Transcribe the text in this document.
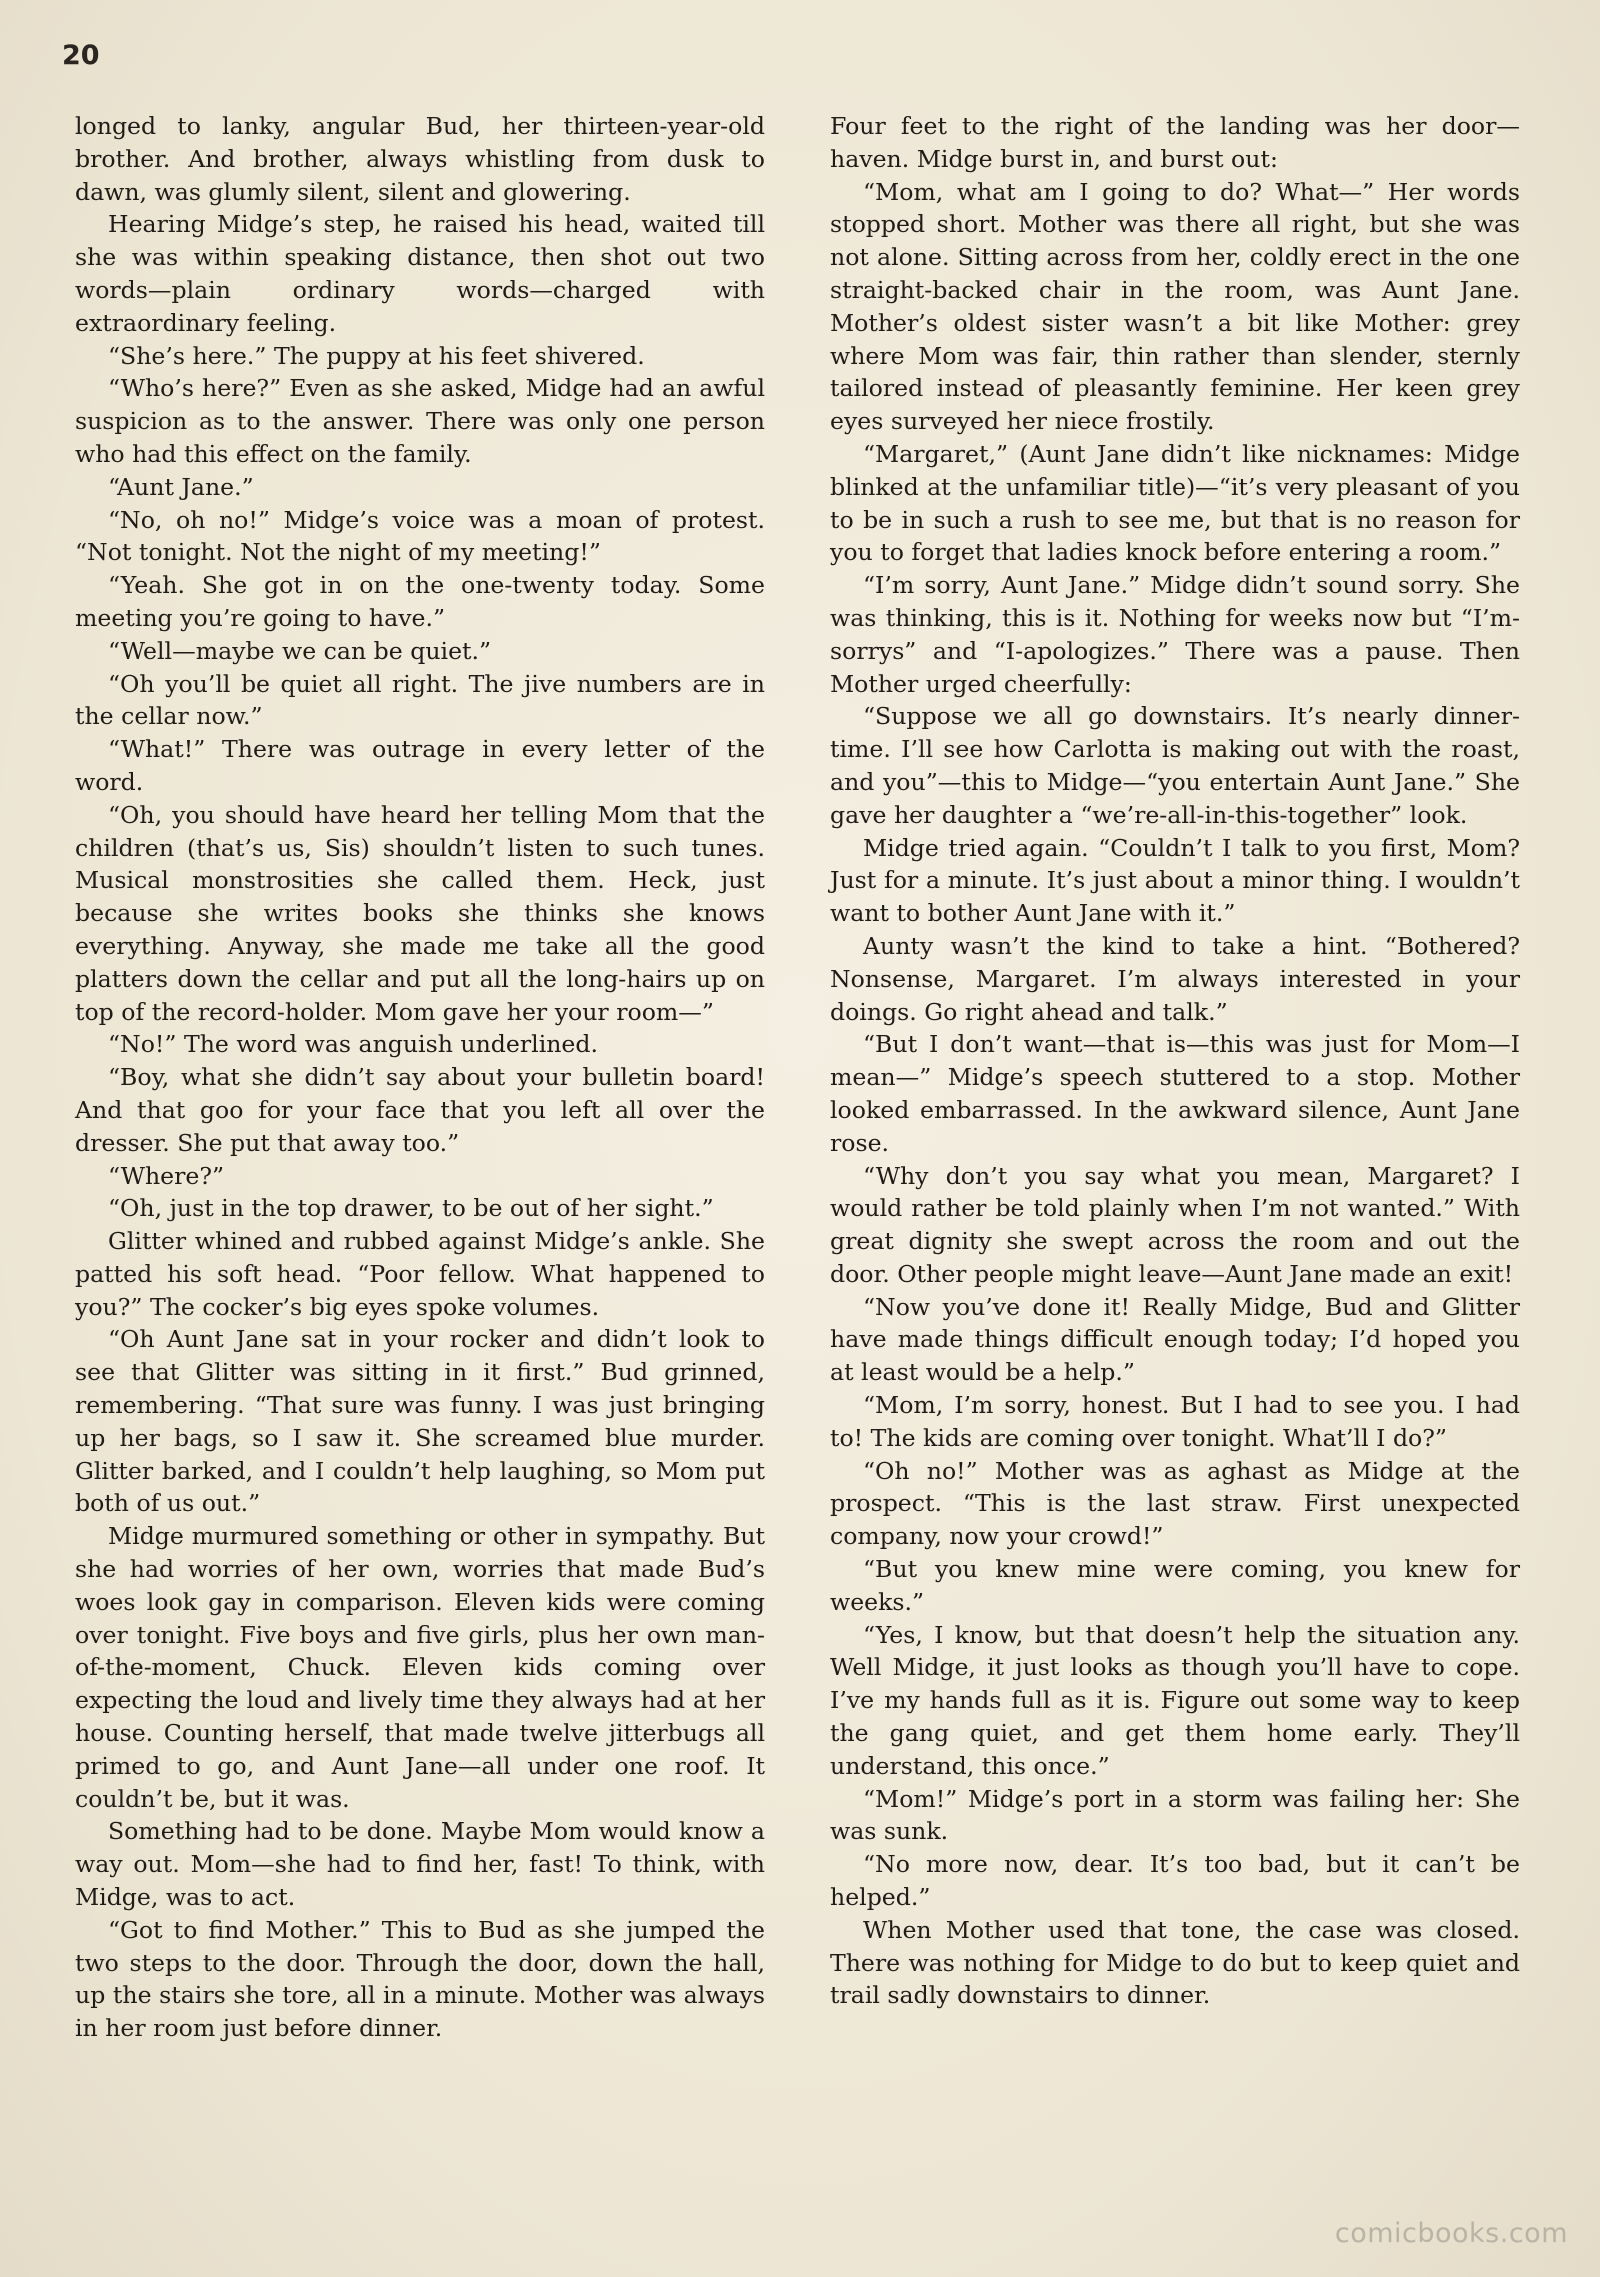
20

longed to lanky, angular Bud, her thirteen-year-old brother. And brother, always whistling from dusk to dawn, was glumly silent, silent and glowering.

Hearing Midge’s step, he raised his head, waited till she was within speaking distance, then shot out two words—plain ordinary words—charged with extraordinary feeling.

“She’s here.” The puppy at his feet shivered.

“Who’s here?” Even as she asked, Midge had an awful suspicion as to the answer. There was only one person who had this effect on the family.

“Aunt Jane.”

“No, oh no!” Midge’s voice was a moan of protest. “Not tonight. Not the night of my meeting!”

“Yeah. She got in on the one-twenty today. Some meeting you’re going to have.”

“Well—maybe we can be quiet.”

“Oh you’ll be quiet all right. The jive numbers are in the cellar now.”

“What!” There was outrage in every letter of the word.

“Oh, you should have heard her telling Mom that the children (that’s us, Sis) shouldn’t listen to such tunes. Musical monstrosities she called them. Heck, just because she writes books she thinks she knows everything. Anyway, she made me take all the good platters down the cellar and put all the long-hairs up on top of the record-holder. Mom gave her your room—”

“No!” The word was anguish underlined.

“Boy, what she didn’t say about your bulletin board! And that goo for your face that you left all over the dresser. She put that away too.”

“Where?”

“Oh, just in the top drawer, to be out of her sight.”

Glitter whined and rubbed against Midge’s ankle. She patted his soft head. “Poor fellow. What happened to you?” The cocker’s big eyes spoke volumes.

“Oh Aunt Jane sat in your rocker and didn’t look to see that Glitter was sitting in it first.” Bud grinned, remembering. “That sure was funny. I was just bringing up her bags, so I saw it. She screamed blue murder. Glitter barked, and I couldn’t help laughing, so Mom put both of us out.”

Midge murmured something or other in sympathy. But she had worries of her own, worries that made Bud’s woes look gay in comparison. Eleven kids were coming over tonight. Five boys and five girls, plus her own man-of-the-moment, Chuck. Eleven kids coming over expecting the loud and lively time they always had at her house. Counting herself, that made twelve jitterbugs all primed to go, and Aunt Jane—all under one roof. It couldn’t be, but it was.

Something had to be done. Maybe Mom would know a way out. Mom—she had to find her, fast! To think, with Midge, was to act.

“Got to find Mother.” This to Bud as she jumped the two steps to the door. Through the door, down the hall, up the stairs she tore, all in a minute. Mother was always in her room just before dinner.

Four feet to the right of the landing was her door—haven. Midge burst in, and burst out:

“Mom, what am I going to do? What—” Her words stopped short. Mother was there all right, but she was not alone. Sitting across from her, coldly erect in the one straight-backed chair in the room, was Aunt Jane. Mother’s oldest sister wasn’t a bit like Mother: grey where Mom was fair, thin rather than slender, sternly tailored instead of pleasantly feminine. Her keen grey eyes surveyed her niece frostily.

“Margaret,” (Aunt Jane didn’t like nicknames: Midge blinked at the unfamiliar title)—“it’s very pleasant of you to be in such a rush to see me, but that is no reason for you to forget that ladies knock before entering a room.”

“I’m sorry, Aunt Jane.” Midge didn’t sound sorry. She was thinking, this is it. Nothing for weeks now but “I’m-sorrys” and “I-apologizes.” There was a pause. Then Mother urged cheerfully:

“Suppose we all go downstairs. It’s nearly dinner-time. I’ll see how Carlotta is making out with the roast, and you”—this to Midge—“you entertain Aunt Jane.” She gave her daughter a “we’re-all-in-this-together” look.

Midge tried again. “Couldn’t I talk to you first, Mom? Just for a minute. It’s just about a minor thing. I wouldn’t want to bother Aunt Jane with it.”

Aunty wasn’t the kind to take a hint. “Bothered? Nonsense, Margaret. I’m always interested in your doings. Go right ahead and talk.”

“But I don’t want—that is—this was just for Mom—I mean—” Midge’s speech stuttered to a stop. Mother looked embarrassed. In the awkward silence, Aunt Jane rose.

“Why don’t you say what you mean, Margaret? I would rather be told plainly when I’m not wanted.” With great dignity she swept across the room and out the door. Other people might leave—Aunt Jane made an exit!

“Now you’ve done it! Really Midge, Bud and Glitter have made things difficult enough today; I’d hoped you at least would be a help.”

“Mom, I’m sorry, honest. But I had to see you. I had to! The kids are coming over tonight. What’ll I do?”

“Oh no!” Mother was as aghast as Midge at the prospect. “This is the last straw. First unexpected company, now your crowd!”

“But you knew mine were coming, you knew for weeks.”

“Yes, I know, but that doesn’t help the situation any. Well Midge, it just looks as though you’ll have to cope. I’ve my hands full as it is. Figure out some way to keep the gang quiet, and get them home early. They’ll understand, this once.”

“Mom!” Midge’s port in a storm was failing her: She was sunk.

“No more now, dear. It’s too bad, but it can’t be helped.”

When Mother used that tone, the case was closed. There was nothing for Midge to do but to keep quiet and trail sadly downstairs to dinner.

comicbooks.com
